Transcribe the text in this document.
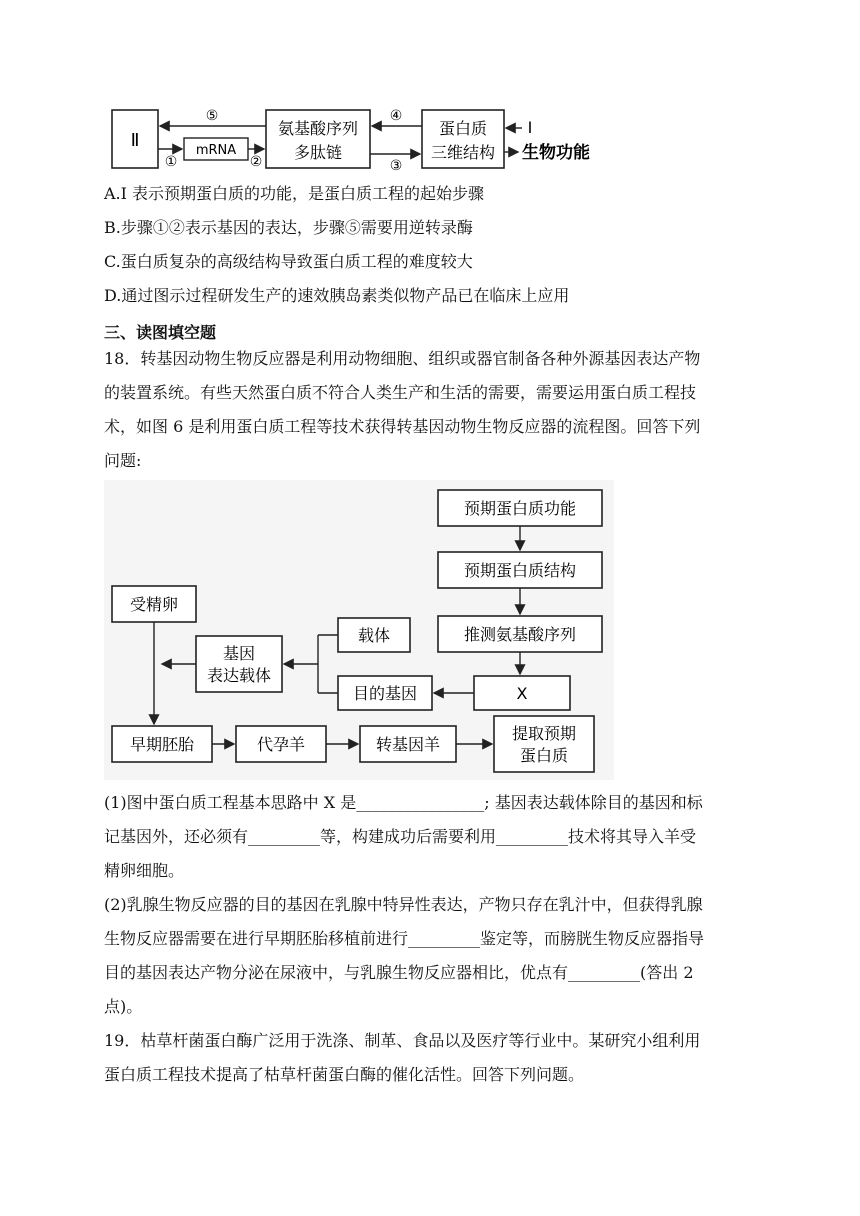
Ⅱ	mRNA
氨基酸序列
多肽链
蛋白质
三维结构
⑤
①	②
④
③
Ⅰ
生物功能
A.I 表示预期蛋白质的功能，是蛋白质工程的起始步骤
B.步骤①②表示基因的表达，步骤⑤需要用逆转录酶
C.蛋白质复杂的高级结构导致蛋白质工程的难度较大
D.通过图示过程研发生产的速效胰岛素类似物产品已在临床上应用
三、读图填空题
18．转基因动物生物反应器是利用动物细胞、组织或器官制备各种外源基因表达产物
的装置系统。有些天然蛋白质不符合人类生产和生活的需要，需要运用蛋白质工程技
术，如图 6 是利用蛋白质工程等技术获得转基因动物生物反应器的流程图。回答下列
问题:
预期蛋白质功能
预期蛋白质结构
推测氨基酸序列
X
目的基因
载体
基因
表达载体
受精卵
早期胚胎	代孕羊	转基因羊
提取预期
蛋白质
(1)图中蛋白质工程基本思路中 X 是________________; 基因表达载体除目的基因和标
记基因外，还必须有_________等，构建成功后需要利用_________技术将其导入羊受
精卵细胞。
(2)乳腺生物反应器的目的基因在乳腺中特异性表达，产物只存在乳汁中，但获得乳腺
生物反应器需要在进行早期胚胎移植前进行_________鉴定等，而膀胱生物反应器指导
目的基因表达产物分泌在尿液中，与乳腺生物反应器相比，优点有_________(答出 2
点)。
19．枯草杆菌蛋白酶广泛用于洗涤、制革、食品以及医疗等行业中。某研究小组利用
蛋白质工程技术提高了枯草杆菌蛋白酶的催化活性。回答下列问题。
